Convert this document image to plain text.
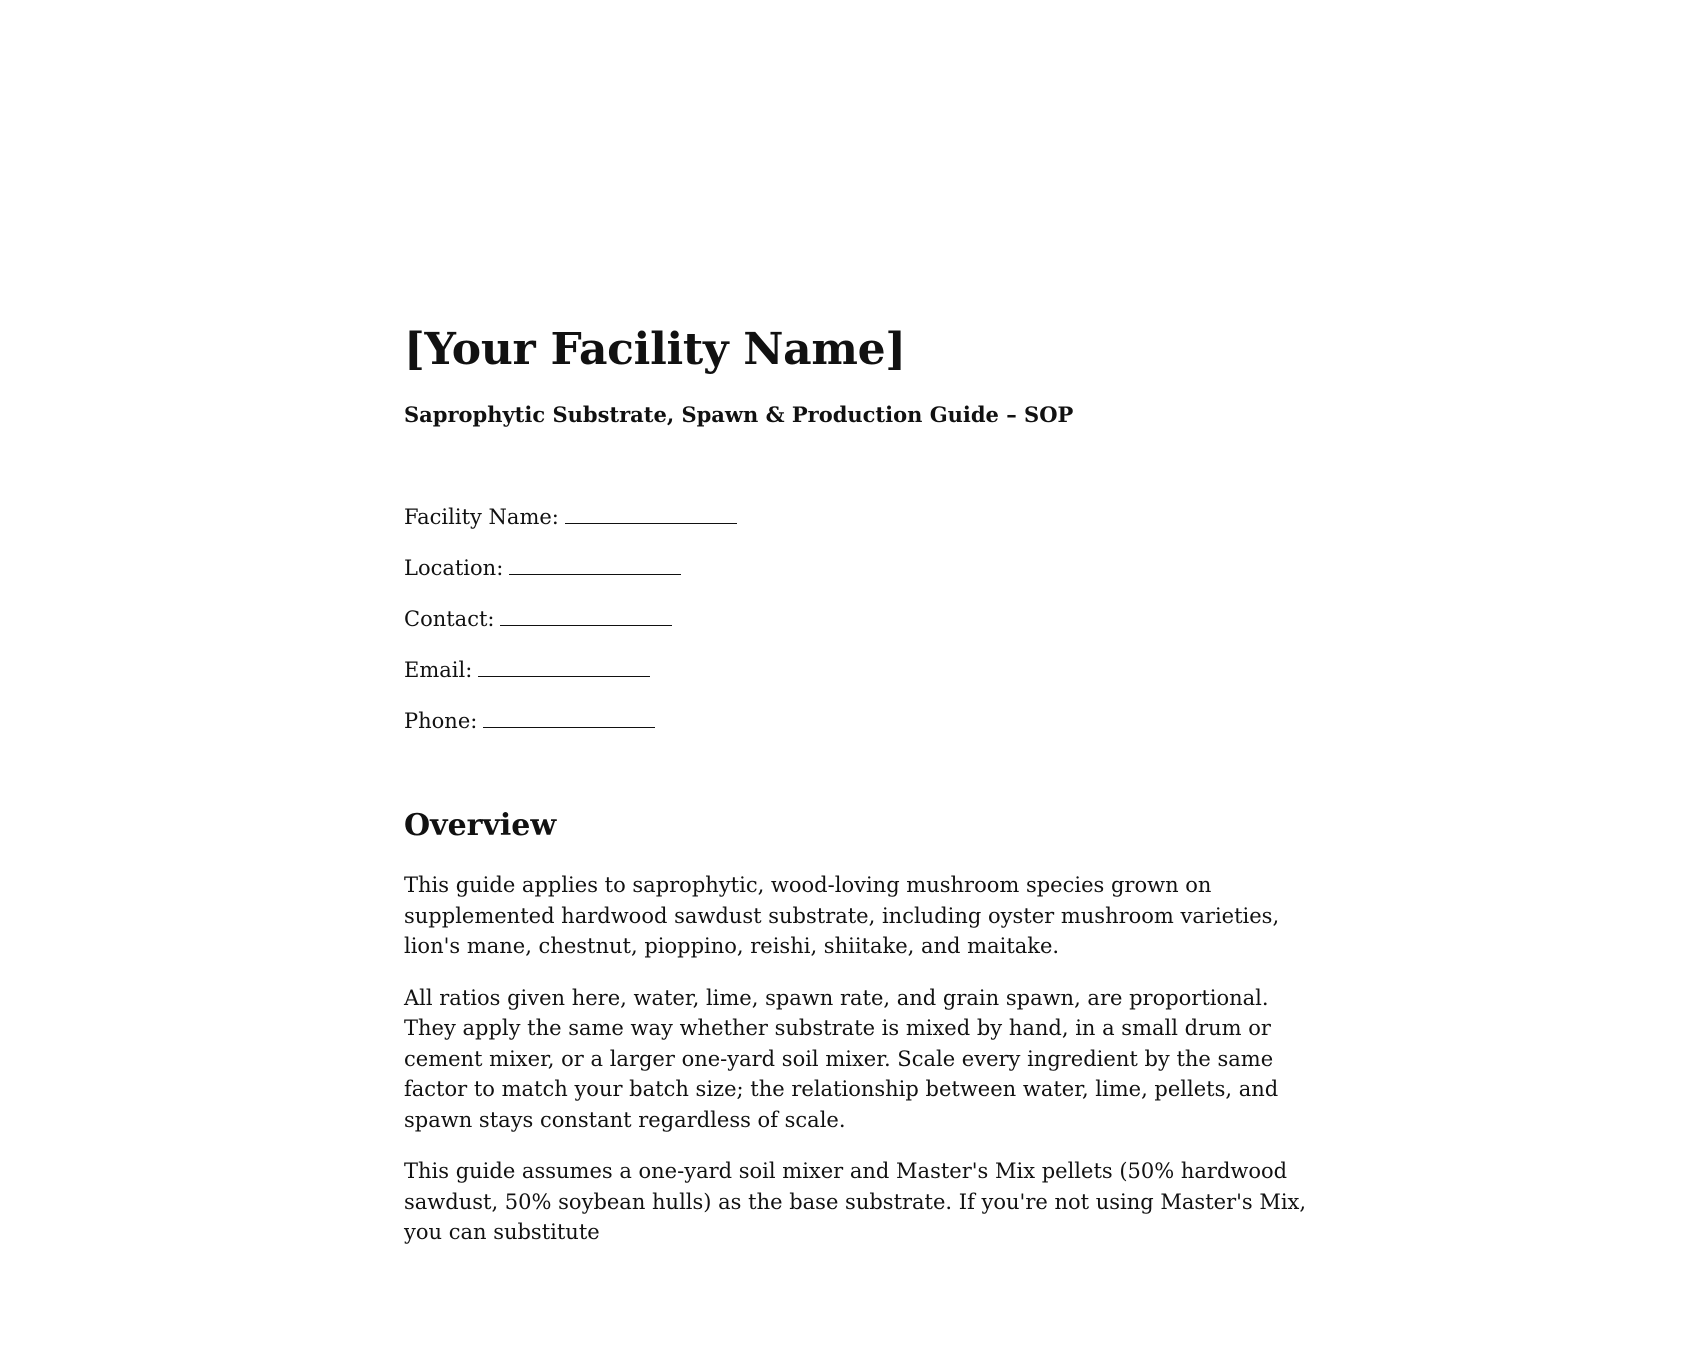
[Your Facility Name]
Saprophytic Substrate, Spawn & Production Guide – SOP
Facility Name:
Location:
Contact:
Email:
Phone:
Overview

This guide applies to saprophytic, wood-loving mushroom species grown on supplemented hardwood sawdust substrate, including oyster mushroom varieties, lion's mane, chestnut, pioppino, reishi, shiitake, and maitake.

All ratios given here, water, lime, spawn rate, and grain spawn, are proportional. They apply the same way whether substrate is mixed by hand, in a small drum or cement mixer, or a larger one-yard soil mixer. Scale every ingredient by the same factor to match your batch size; the relationship between water, lime, pellets, and spawn stays constant regardless of scale.

This guide assumes a one-yard soil mixer and Master's Mix pellets (50% hardwood sawdust, 50% soybean hulls) as the base substrate. If you're not using Master's Mix, you can substitute
